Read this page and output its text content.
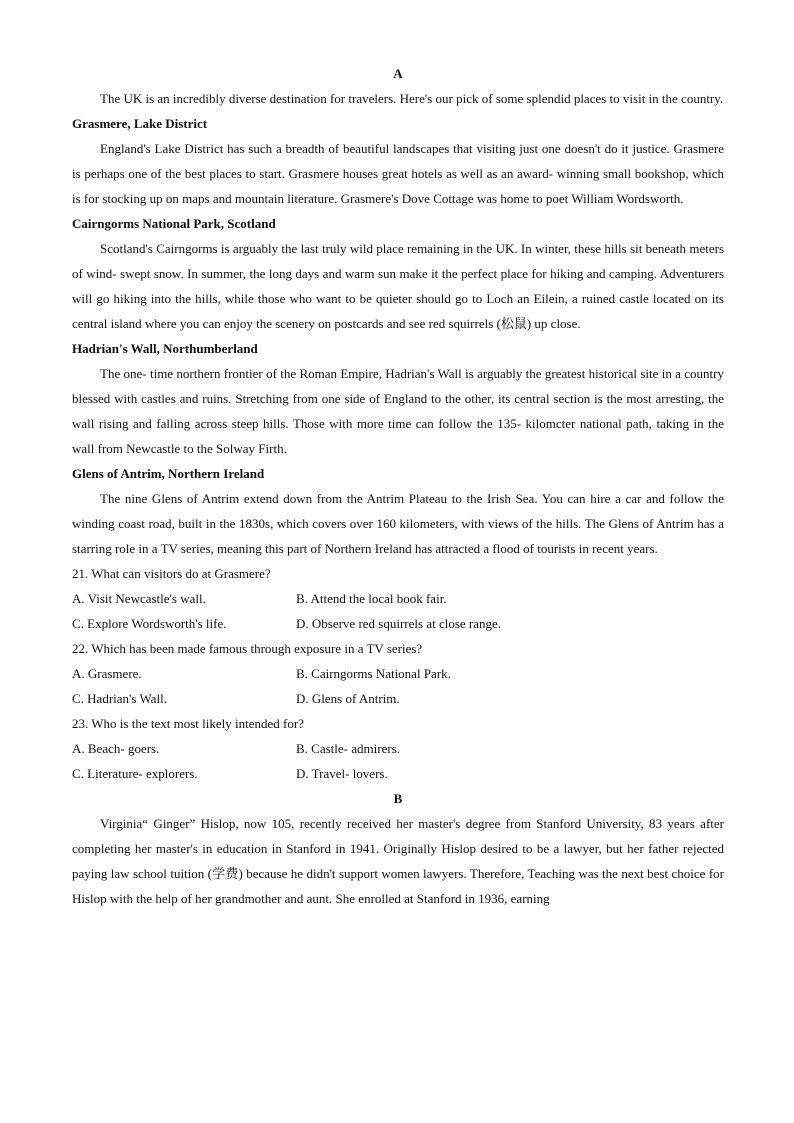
A

The UK is an incredibly diverse destination for travelers. Here's our pick of some splendid places to visit in the country.

Grasmere, Lake District

England's Lake District has such a breadth of beautiful landscapes that visiting just one doesn't do it justice. Grasmere is perhaps one of the best places to start. Grasmere houses great hotels as well as an award- winning small bookshop, which is for stocking up on maps and mountain literature. Grasmere's Dove Cottage was home to poet William Wordsworth.

Cairngorms National Park, Scotland

Scotland's Cairngorms is arguably the last truly wild place remaining in the UK. In winter, these hills sit beneath meters of wind- swept snow. In summer, the long days and warm sun make it the perfect place for hiking and camping. Adventurers will go hiking into the hills, while those who want to be quieter should go to Loch an Eilein, a ruined castle located on its central island where you can enjoy the scenery on postcards and see red squirrels (松鼠) up close.

Hadrian's Wall, Northumberland

The one- time northern frontier of the Roman Empire, Hadrian's Wall is arguably the greatest historical site in a country blessed with castles and ruins. Stretching from one side of England to the other, its central section is the most arresting, the wall rising and falling across steep hills. Those with more time can follow the 135- kilomcter national path, taking in the wall from Newcastle to the Solway Firth.

Glens of Antrim, Northern Ireland

The nine Glens of Antrim extend down from the Antrim Plateau to the Irish Sea. You can hire a car and follow the winding coast road, built in the 1830s, which covers over 160 kilometers, with views of the hills. The Glens of Antrim has a starring role in a TV series, meaning this part of Northern Ireland has attracted a flood of tourists in recent years.

21. What can visitors do at Grasmere?
A. Visit Newcastle's wall.	B. Attend the local book fair.
C. Explore Wordsworth's life.	D. Observe red squirrels at close range.
22. Which has been made famous through exposure in a TV series?
A. Grasmere.	B. Cairngorms National Park.
C. Hadrian's Wall.	D. Glens of Antrim.
23. Who is the text most likely intended for?
A. Beach- goers.	B. Castle- admirers.
C. Literature- explorers.	D. Travel- lovers.
B

Virginia“ Ginger” Hislop, now 105, recently received her master's degree from Stanford University, 83 years after completing her master's in education in Stanford in 1941. Originally Hislop desired to be a lawyer, but her father rejected paying law school tuition (学费) because he didn't support women lawyers. Therefore, Teaching was the next best choice for Hislop with the help of her grandmother and aunt. She enrolled at Stanford in 1936, earning
